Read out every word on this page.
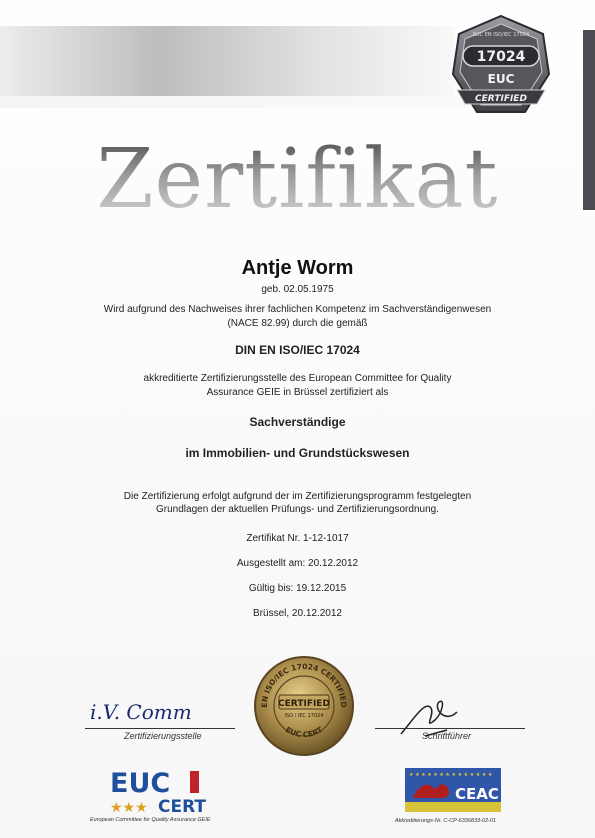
EUC EN ISO/IEC 17024
17024
EUC
CERTIFIED
Zertifikat
Antje Worm
geb. 02.05.1975
Wird aufgrund des Nachweises ihrer fachlichen Kompetenz im Sachverständigenwesen
(NACE 82.99) durch die gemäß
DIN EN ISO/IEC 17024
akkreditierte Zertifizierungsstelle des European Committee for Quality
Assurance GEIE in Brüssel zertifiziert als
Sachverständige
im Immobilien- und Grundstückswesen
Die Zertifizierung erfolgt aufgrund der im Zertifizierungsprogramm festgelegten
Grundlagen der aktuellen Prüfungs- und Zertifizierungsordnung.
Zertifikat Nr. 1-12-1017
Ausgestellt am: 20.12.2012
Gültig bis: 19.12.2015
Brüssel, 20.12.2012
EN ISO/IEC 17024 CERTIFIED
EUC CERT
CERTIFIED
ISO / IEC 17024
i.V. Comm
Zertifizierungsstelle	Schriftführer
EUC
★★★ CERT
European Committee for Quality Assurance GEIE
★ ★ ★ ★ ★ ★ ★ ★ ★ ★ ★ ★ ★ ★
CEAC
Akkreditierungs-Nr. C-CP-6336833-02-01
